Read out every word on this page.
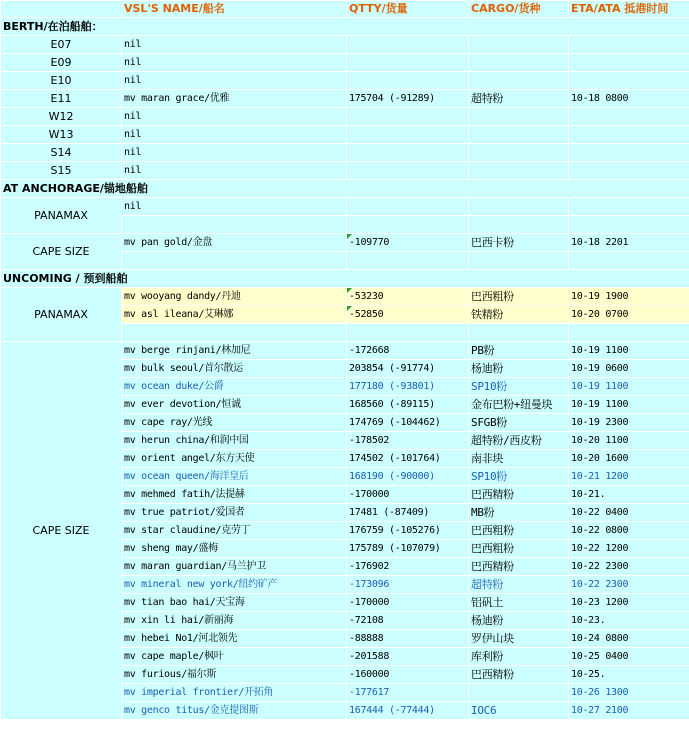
	VSL'S NAME/船名	QTTY/货量	CARGO/货种	ETA/ATA 抵港时间
BERTH/在泊船舶：				
E07	nil			
E09	nil			
E10	nil			
E11	mv maran grace/优雅	175704 (-91289)	超特粉	10-18 0800
W12	nil			
W13	nil			
S14	nil			
S15	nil			
AT ANCHORAGE/锚地船舶				
PANAMAX	nil			

CAPE SIZE	mv pan gold/金盘	-109770	巴西卡粉	10-18 2201

UNCOMING / 预到船舶				
PANAMAX	mv wooyang dandy/丹迪	-53230	巴西粗粉	10-19 1900
	mv asl ileana/艾琳娜	-52850	铁精粉	10-20 0700

CAPE SIZE	mv berge rinjani/林加尼	-172668	PB粉	10-19 1100
	mv bulk seoul/首尔散运	203854 (-91774)	杨迪粉	10-19 0600
	mv ocean duke/公爵	177180 (-93801)	SP10粉	10-19 1100
	mv ever devotion/恒诚	168560 (-89115)	金布巴粉+纽曼块	10-19 1100
	mv cape ray/光线	174769 (-104462)	SFGB粉	10-19 2300
	mv herun china/和润中国	-178502	超特粉/西皮粉	10-20 1100
	mv orient angel/东方天使	174502 (-101764)	南非块	10-20 1600
	mv ocean queen/海洋皇后	168190 (-90000)	SP10粉	10-21 1200
	mv mehmed fatih/法提赫	-170000	巴西精粉	10-21.
	mv true patriot/爱国者	17481 (-87409)	MB粉	10-22 0400
	mv star claudine/克劳丁	176759 (-105276)	巴西粗粉	10-22 0800
	mv sheng may/盛梅	175789 (-107079)	巴西粗粉	10-22 1200
	mv maran guardian/马兰护卫	-176902	巴西精粉	10-22 2300
	mv mineral new york/纽约矿产	-173096	超特粉	10-22 2300
	mv tian bao hai/天宝海	-170000	铝矾土	10-23 1200
	mv xin li hai/新丽海	-72108	杨迪粉	10-23.
	mv hebei No1/河北领先	-88888	罗伊山块	10-24 0800
	mv cape maple/枫叶	-201588	库利粉	10-25 0400
	mv furious/福尔斯	-160000	巴西精粉	10-25.
	mv imperial frontier/开拓角	-177617		10-26 1300
	mv genco titus/金克提图斯	167444 (-77444)	IOC6	10-27 2100
